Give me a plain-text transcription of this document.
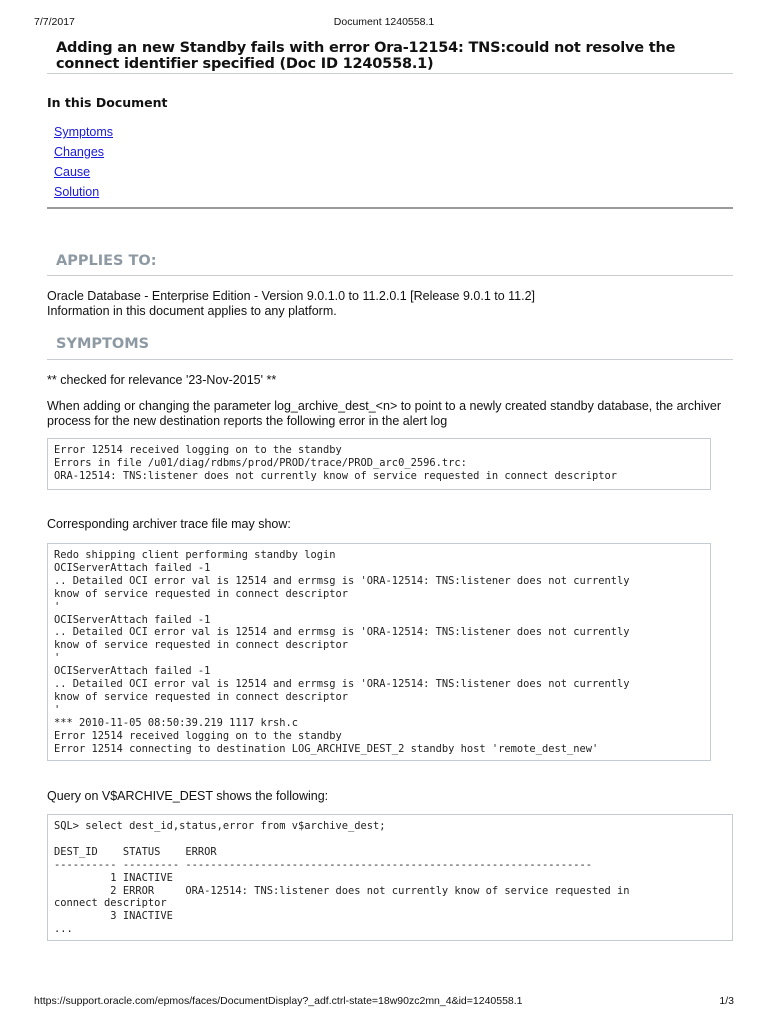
7/7/2017	Document 1240558.1
Adding an new Standby fails with error Ora-12154: TNS:could not resolve the connect identifier specified (Doc ID 1240558.1)
In this Document
Symptoms
Changes
Cause
Solution
APPLIES TO:

Oracle Database - Enterprise Edition - Version 9.0.1.0 to 11.2.0.1 [Release 9.0.1 to 11.2]

Information in this document applies to any platform.

SYMPTOMS

** checked for relevance '23-Nov-2015' **

When adding or changing the parameter log_archive_dest_<n> to point to a newly created standby database, the archiver process for the new destination reports the following error in the alert log

Error 12514 received logging on to the standby
Errors in file /u01/diag/rdbms/prod/PROD/trace/PROD_arc0_2596.trc:
ORA-12514: TNS:listener does not currently know of service requested in connect descriptor

Corresponding archiver trace file may show:

Redo shipping client performing standby login
OCIServerAttach failed -1
.. Detailed OCI error val is 12514 and errmsg is 'ORA-12514: TNS:listener does not currently
know of service requested in connect descriptor
'
OCIServerAttach failed -1
.. Detailed OCI error val is 12514 and errmsg is 'ORA-12514: TNS:listener does not currently
know of service requested in connect descriptor
'
OCIServerAttach failed -1
.. Detailed OCI error val is 12514 and errmsg is 'ORA-12514: TNS:listener does not currently
know of service requested in connect descriptor
'
*** 2010-11-05 08:50:39.219 1117 krsh.c
Error 12514 received logging on to the standby
Error 12514 connecting to destination LOG_ARCHIVE_DEST_2 standby host 'remote_dest_new'

Query on V$ARCHIVE_DEST shows the following:

SQL> select dest_id,status,error from v$archive_dest;

DEST_ID    STATUS    ERROR
---------- --------- -----------------------------------------------------------------
1 INACTIVE
2 ERROR     ORA-12514: TNS:listener does not currently know of service requested in
connect descriptor
3 INACTIVE
...
https://support.oracle.com/epmos/faces/DocumentDisplay?_adf.ctrl-state=18w90zc2mn_4&id=1240558.1	1/3
